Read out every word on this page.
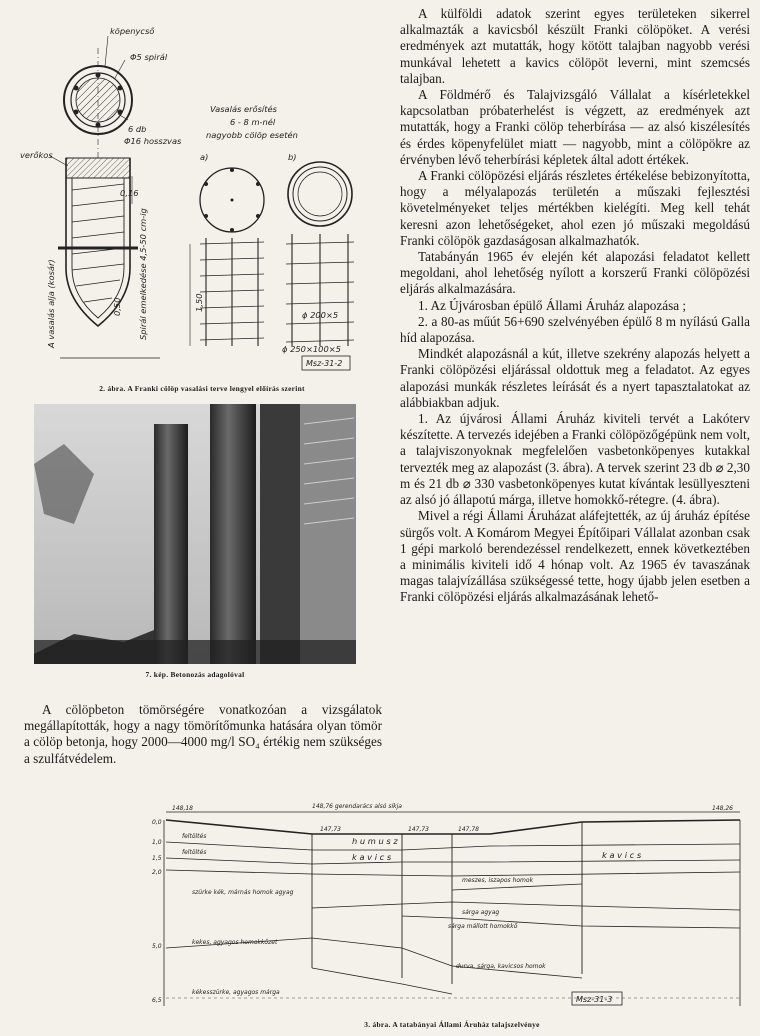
köpenycső
Φ5 spirál
6 db
Φ16 hosszvas
verőkos
0,16
A vasalás alja (kosár)	Spirál emelkedése 4,5-50 cm-ig
0,50
Vasalás erősítés
6 - 8 m-nél
nagyobb cölöp esetén
a)	b)
1,50
ϕ 200×5
ϕ 250×100×5
Msz-31-2
2. ábra. A Franki cölöp vasalási terve lengyel előírás szerint
7. kép. Betonozás adagolóval

A cölöpbeton tömörségére vonatkozóan a vizsgálatok megállapították, hogy a nagy tömörítőmunka hatására olyan tömör a cölöp betonja, hogy 2000—4000 mg/l SO₄ értékig nem szükséges a szulfátvédelem.

A külföldi adatok szerint egyes területeken sikerrel alkalmazták a kavicsból készült Franki cölöpöket. A verési eredmények azt mutatták, hogy kötött talajban nagyobb verési munkával lehetett a kavics cölöpöt leverni, mint szemcsés talajban.

A Földmérő és Talajvizsgáló Vállalat a kísérletekkel kapcsolatban próbaterhelést is végzett, az eredmények azt mutatták, hogy a Franki cölöp teherbírása — az alsó kiszélesítés és érdes köpenyfelület miatt — nagyobb, mint a cölöpökre az érvényben lévő teherbírási képletek által adott értékek.

A Franki cölöpözési eljárás részletes értékelése bebizonyította, hogy a mélyalapozás területén a műszaki fejlesztési követelményeket teljes mértékben kielégíti. Meg kell tehát keresni azon lehetőségeket, ahol ezen jó műszaki megoldású Franki cölöpök gazdaságosan alkalmazhatók.

Tatabányán 1965 év elején két alapozási feladatot kellett megoldani, ahol lehetőség nyílott a korszerű Franki cölöpözési eljárás alkalmazására.

1. Az Újvárosban épülő Állami Áruház alapozása ;

2. a 80-as műút 56+690 szelvényében épülő 8 m nyílású Galla híd alapozása.

Mindkét alapozásnál a kút, illetve szekrény alapozás helyett a Franki cölöpözési eljárással oldottuk meg a feladatot. Az egyes alapozási munkák részletes leírását és a nyert tapasztalatokat az alábbiakban adjuk.

1. Az újvárosi Állami Áruház kiviteli tervét a Lakóterv készítette. A tervezés idejében a Franki cölöpözőgépünk nem volt, a talajviszonyoknak megfelelően vasbetonköpenyes kutakkal tervezték meg az alapozást (3. ábra). A tervek szerint 23 db ⌀ 2,30 m és 21 db ⌀ 330 vasbetonköpenyes kutat kívántak lesüllyeszteni az alsó jó állapotú márga, illetve homokkő-rétegre. (4. ábra).

Mivel a régi Állami Áruházat aláfejtették, az új áruház építése sürgős volt. A Komárom Megyei Építőipari Vállalat azonban csak 1 gépi markoló berendezéssel rendelkezett, ennek következtében a minimális kiviteli idő 4 hónap volt. Az 1965 év tavaszának magas talajvízállása szükségessé tette, hogy újabb jelen esetben a Franki cölöpözési eljárás alkalmazásának lehető-

148,18	148,76 gerendarács alsó síkja	148,26
147,73	147,73	147,78
h u m u s z
feltöltés
feltöltés	k a v i c s	k a v i c s
szürke kék, márnás homok agyag
meszes, iszapos homok
sárga agyag
sárga mállott homokkő
kekes, agyagos homokkőzet
durva, sárga, kavicsos homok
kékesszürke, agyagos márga
0,0
1,0
1,5
2,0
5,0
6,5	Msz-31-3
3. ábra. A tatabányai Állami Áruház talajszelvénye
